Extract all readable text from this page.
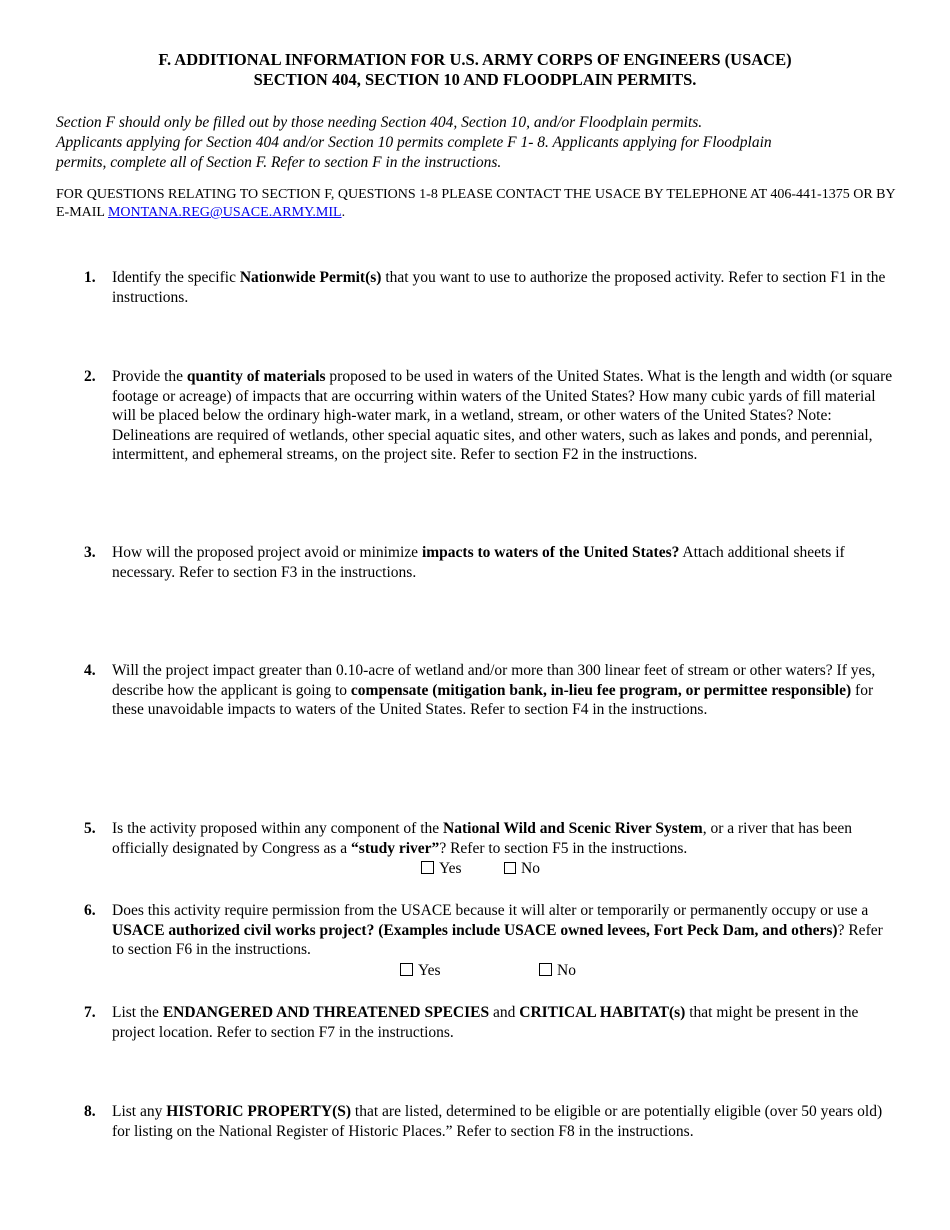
F. ADDITIONAL INFORMATION FOR U.S. ARMY CORPS OF ENGINEERS (USACE)
SECTION 404, SECTION 10 AND FLOODPLAIN PERMITS.
Section F should only be filled out by those needing Section 404, Section 10, and/or Floodplain permits.
Applicants applying for Section 404 and/or Section 10 permits complete F 1- 8. Applicants applying for Floodplain
permits, complete all of Section F. Refer to section F in the instructions.
FOR QUESTIONS RELATING TO SECTION F, QUESTIONS 1-8 PLEASE CONTACT THE USACE BY TELEPHONE AT 406-441-1375 OR BY E-MAIL MONTANA.REG@USACE.ARMY.MIL.
1. Identify the specific Nationwide Permit(s) that you want to use to authorize the proposed activity. Refer to section F1 in the instructions.
2. Provide the quantity of materials proposed to be used in waters of the United States. What is the length and width (or square footage or acreage) of impacts that are occurring within waters of the United States? How many cubic yards of fill material will be placed below the ordinary high-water mark, in a wetland, stream, or other waters of the United States? Note: Delineations are required of wetlands, other special aquatic sites, and other waters, such as lakes and ponds, and perennial, intermittent, and ephemeral streams, on the project site. Refer to section F2 in the instructions.
3. How will the proposed project avoid or minimize impacts to waters of the United States? Attach additional sheets if necessary. Refer to section F3 in the instructions.
4. Will the project impact greater than 0.10-acre of wetland and/or more than 300 linear feet of stream or other waters? If yes, describe how the applicant is going to compensate (mitigation bank, in-lieu fee program, or permittee responsible) for these unavoidable impacts to waters of the United States. Refer to section F4 in the instructions.
5. Is the activity proposed within any component of the National Wild and Scenic River System, or a river that has been officially designated by Congress as a “study river”? Refer to section F5 in the instructions.
Yes	No
6. Does this activity require permission from the USACE because it will alter or temporarily or permanently occupy or use a USACE authorized civil works project? (Examples include USACE owned levees, Fort Peck Dam, and others)? Refer to section F6 in the instructions.
Yes	No
7. List the ENDANGERED AND THREATENED SPECIES and CRITICAL HABITAT(s) that might be present in the project location. Refer to section F7 in the instructions.
8. List any HISTORIC PROPERTY(S) that are listed, determined to be eligible or are potentially eligible (over 50 years old) for listing on the National Register of Historic Places.” Refer to section F8 in the instructions.
